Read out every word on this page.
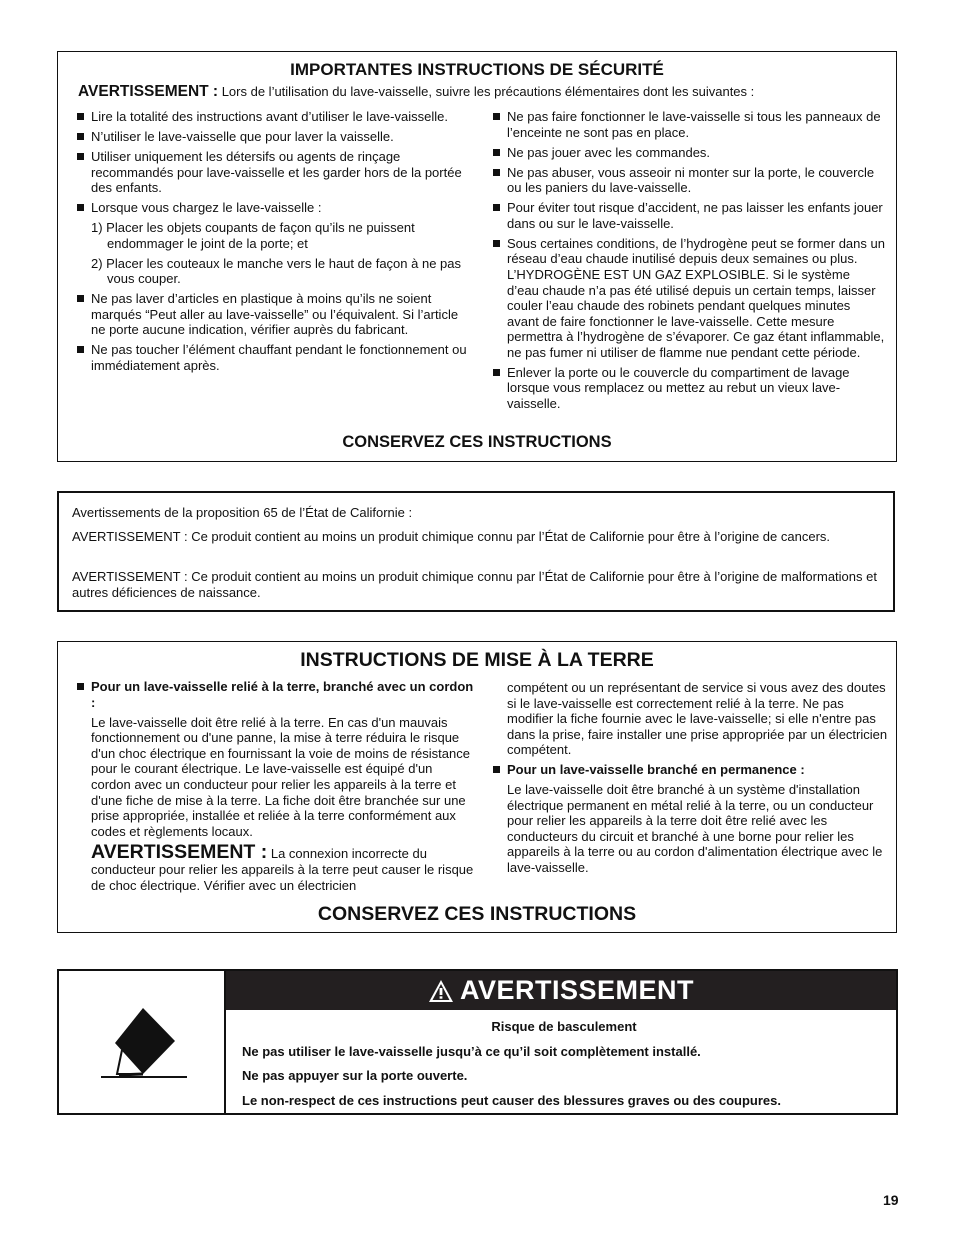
IMPORTANTES INSTRUCTIONS DE SÉCURITÉ
AVERTISSEMENT : Lors de l’utilisation du lave-vaisselle, suivre les précautions élémentaires dont les suivantes :
Lire la totalité des instructions avant d’utiliser le lave-vaisselle.
N’utiliser le lave-vaisselle que pour laver la vaisselle.
Utiliser uniquement les détersifs ou agents de rinçage recommandés pour lave-vaisselle et les garder hors de la portée des enfants.
Lorsque vous chargez le lave-vaisselle :
1) Placer les objets coupants de façon qu’ils ne puissent endommager le joint de la porte; et
2) Placer les couteaux le manche vers le haut de façon à ne pas vous couper.
Ne pas laver d’articles en plastique à moins qu’ils ne soient marqués “Peut aller au lave-vaisselle” ou l’équivalent. Si l’article ne porte aucune indication, vérifier auprès du fabricant.
Ne pas toucher l’élément chauffant pendant le fonctionnement ou immédiatement après.
Ne pas faire fonctionner le lave-vaisselle si tous les panneaux de l’enceinte ne sont pas en place.
Ne pas jouer avec les commandes.
Ne pas abuser, vous asseoir ni monter sur la porte, le couvercle ou les paniers du lave-vaisselle.
Pour éviter tout risque d’accident, ne pas laisser les enfants jouer dans ou sur le lave-vaisselle.
Sous certaines conditions, de l’hydrogène peut se former dans un réseau d’eau chaude inutilisé depuis deux semaines ou plus. L’HYDROGÈNE EST UN GAZ EXPLOSIBLE. Si le système d’eau chaude n’a pas été utilisé depuis un certain temps, laisser couler l’eau chaude des robinets pendant quelques minutes avant de faire fonctionner le lave-vaisselle. Cette mesure permettra à l’hydrogène de s’évaporer. Ce gaz étant inflammable, ne pas fumer ni utiliser de flamme nue pendant cette période.
Enlever la porte ou le couvercle du compartiment de lavage lorsque vous remplacez ou mettez au rebut un vieux lave-vaisselle.
CONSERVEZ CES INSTRUCTIONS

Avertissements de la proposition 65 de l’État de Californie :

AVERTISSEMENT : Ce produit contient au moins un produit chimique connu par l’État de Californie pour être à l’origine de cancers.

AVERTISSEMENT : Ce produit contient au moins un produit chimique connu par l’État de Californie pour être à l’origine de malformations et autres déficiences de naissance.

INSTRUCTIONS DE MISE À LA TERRE
Pour un lave-vaisselle relié à la terre, branché avec un cordon :
Le lave-vaisselle doit être relié à la terre. En cas d'un mauvais fonctionnement ou d'une panne, la mise à terre réduira le risque d'un choc électrique en fournissant la voie de moins de résistance pour le courant électrique. Le lave-vaisselle est équipé d'un cordon avec un conducteur pour relier les appareils à la terre et d'une fiche de mise à la terre. La fiche doit être branchée sur une prise appropriée, installée et reliée à la terre conformément aux codes et règlements locaux.
AVERTISSEMENT : La connexion incorrecte du conducteur pour relier les appareils à la terre peut causer le risque de choc électrique. Vérifier avec un électricien
compétent ou un représentant de service si vous avez des doutes si le lave-vaisselle est correctement relié à la terre. Ne pas modifier la fiche fournie avec le lave-vaisselle; si elle n'entre pas dans la prise, faire installer une prise appropriée par un électricien compétent.
Pour un lave-vaisselle branché en permanence :
Le lave-vaisselle doit être branché à un système d'installation électrique permanent en métal relié à la terre, ou un conducteur pour relier les appareils à la terre doit être relié avec les conducteurs du circuit et branché à une borne pour relier les appareils à la terre ou au cordon d'alimentation électrique avec le lave-vaisselle.
CONSERVEZ CES INSTRUCTIONS
AVERTISSEMENT
Risque de basculement
Ne pas utiliser le lave-vaisselle jusqu’à ce qu’il soit complètement installé.
Ne pas appuyer sur la porte ouverte.
Le non-respect de ces instructions peut causer des blessures graves ou des coupures.
19
